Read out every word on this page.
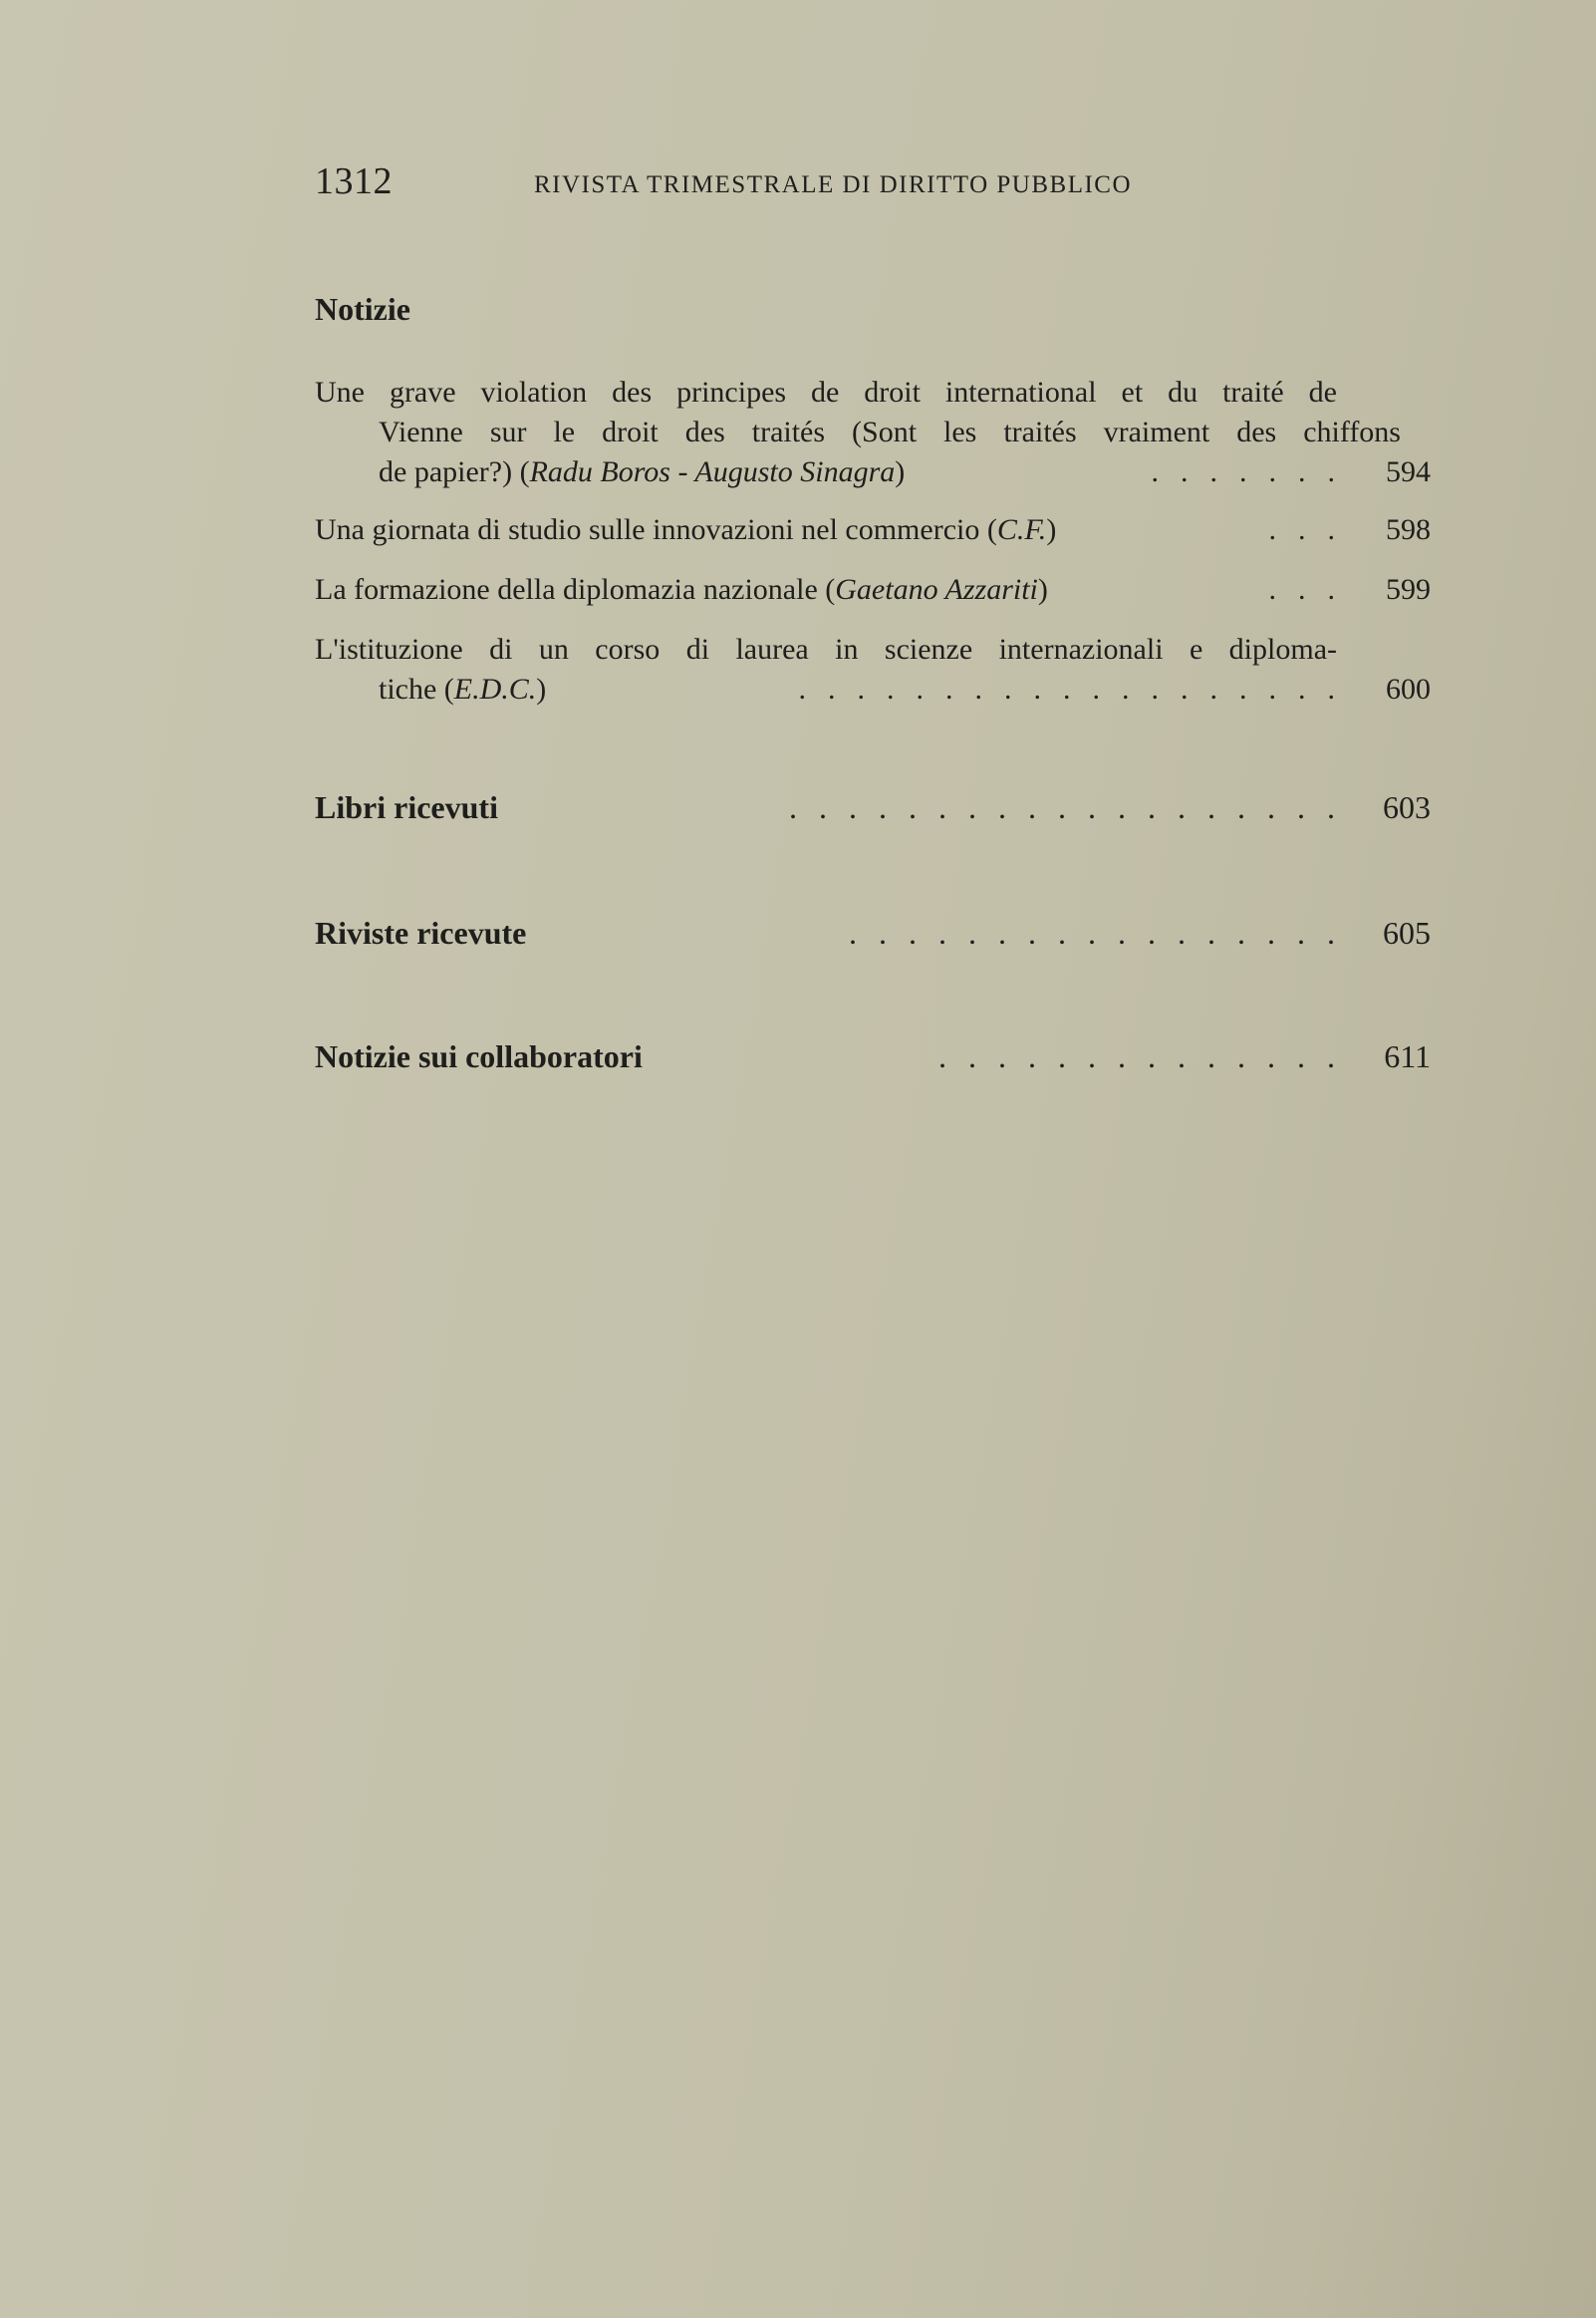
1312	RIVISTA TRIMESTRALE DI DIRITTO PUBBLICO
Notizie
Une grave violation des principes de droit international et du traité de
Vienne sur le droit des traités (Sont les traités vraiment des chiffons
de papier?) (Radu Boros - Augusto Sinagra)	....... 594
Una giornata di studio sulle innovazioni nel commercio (C.F.)	... 598
La formazione della diplomazia nazionale (Gaetano Azzariti)	... 599
L'istituzione di un corso di laurea in scienze internazionali e diploma-
tiche (E.D.C.)	................... 600
Libri ricevuti	................... 603
Riviste ricevute	................. 605
Notizie sui collaboratori	.............. 611
